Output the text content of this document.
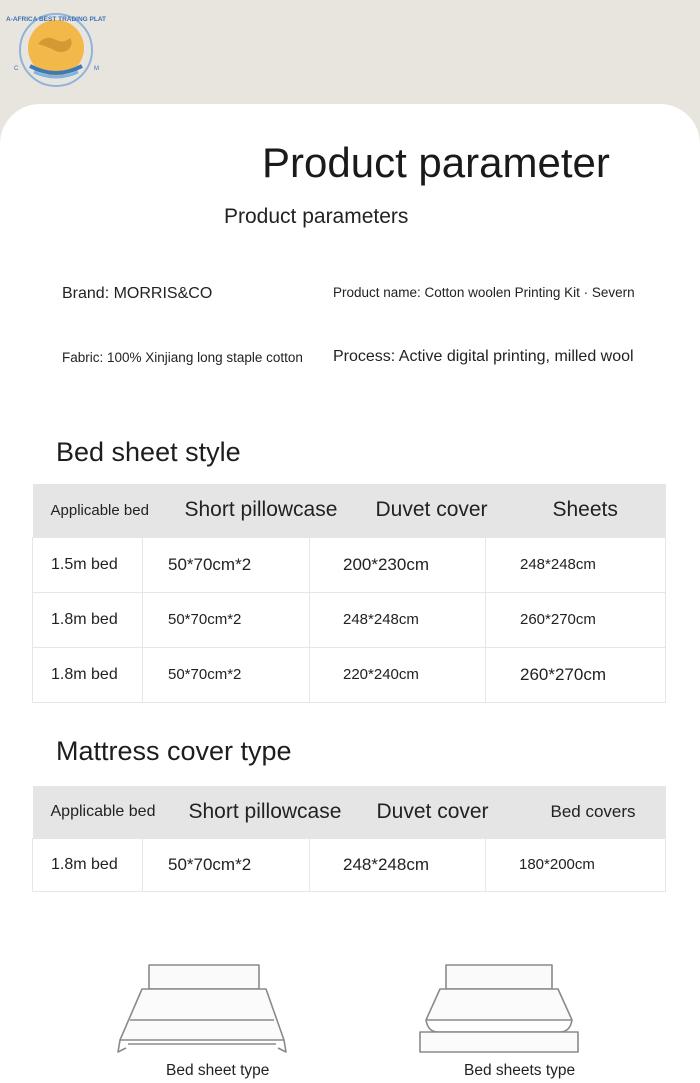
A-AFRICA BEST TRADING PLAT
C	M
A-AFRICA BEST TRADING PLATFORM
Product parameter
Product parameters
Brand: MORRIS&CO	Product name: Cotton woolen Printing Kit · Severn
Fabric: 100% Xinjiang long staple cotton Process: Active digital printing, milled wool
Bed sheet style
Applicable bed	Short pillowcase	Duvet cover	Sheets
1.5m bed	50*70cm*2	200*230cm	248*248cm
1.8m bed	50*70cm*2	248*248cm	260*270cm
1.8m bed	50*70cm*2	220*240cm	260*270cm
Mattress cover type
Applicable bed	Short pillowcase	Duvet cover	Bed covers
1.8m bed	50*70cm*2	248*248cm	180*200cm
Bed sheet type	Bed sheets type
